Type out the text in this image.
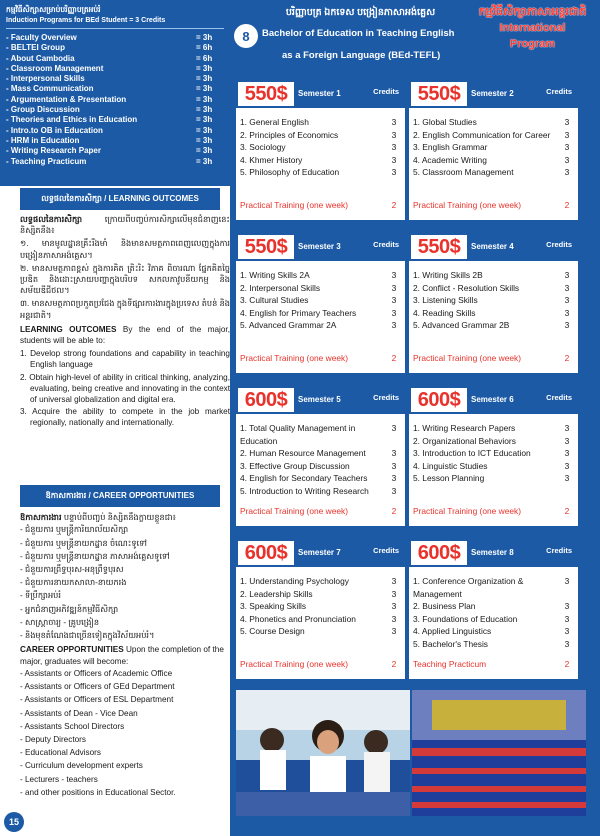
កម្មវិធីសិក្សាសម្រាប់បរិញ្ញាបត្រអប់រំ
Induction Programs for BEd Student = 3 Credits
- Faculty Overview	= 3h
- BELTEI Group	= 6h
- About Cambodia	= 6h
- Classroom Management	= 3h
- Interpersonal Skills	= 3h
- Mass Communication	= 3h
- Argumentation & Presentation	= 3h
- Group Discussion	= 3h
- Theories and Ethics in Education	= 3h
- Intro.to OB in Education	= 3h
- HRM in Education	= 3h
- Writing Research Paper	= 3h
- Teaching Practicum	= 3h
លទ្ធផលនៃការសិក្សា / LEARNING OUTCOMES

លទ្ធផលនៃការសិក្សា ក្រោយពីបញ្ចប់ការសិក្សាលើមុខជំនាញនេះនិស្សិតនឹង៖

១. មានមូលដ្ឋានគ្រឹះរឹងមាំ និងមានសមត្ថភាពពេញលេញក្នុងការបង្រៀនភាសាអង់គ្លេស។

២. មានសមត្ថភាពខ្ពស់ ក្នុងការគិត ត្រិះរិះ វិភាគ ពិចារណា ផ្នែកគិតច្នៃប្រឌិត និងដោះស្រាយបញ្ហាក្នុងបរិបទ សកលភាវូបនីយកម្ម និងសម័យឌីជីថល។

៣. មានសមត្ថភាពប្រកួតប្រជែង ក្នុងទីផ្សារការងារក្នុងប្រទេស តំបន់ និងអន្តរជាតិ។

LEARNING OUTCOMES By the end of the major, students will be able to:

1. Develop strong foundations and capability in teaching English language
2. Obtain high-level of ability in critical thinking, analyzing, evaluating, being creative and innovating in the context of universal globalization and digital era.
3. Acquire the ability to compete in the job market regionally, nationally and internationally.
ឱកាសការងារ / CAREER OPPORTUNITIES

ឱកាសការងារ បន្ទាប់ពីបញ្ចប់ និស្សិតនឹងក្លាយខ្លួនជា៖

- ជំនួយការ ឬមន្ត្រីការិយាល័យសិក្សា
- ជំនួយការ ឬមន្ត្រីនាយកដ្ឋាន ចំណេះទូទៅ
- ជំនួយការ ឬមន្ត្រីនាយកដ្ឋាន ភាសាអង់គ្លេសទូទៅ
- ជំនួយការព្រឹទ្ធបុរស-អនុព្រឹទ្ធបុរស
- ជំនួយការនាយកសាលា-នាយករង
- ទីប្រឹក្សាអប់រំ
- អ្នកជំនាញអភិវឌ្ឍន៍កម្មវិធីសិក្សា
- សាស្ត្រាចារ្យ - គ្រូបង្រៀន
- និងមុខតំណែងជាច្រើនទៀតក្នុងវិស័យអប់រំ។

CAREER OPPORTUNITIES Upon the completion of the major, graduates will become:

- Assistants or Officers of Academic Office
- Assistants or Officers of GEd Department
- Assistants or Officers of ESL Department
- Assistants of Dean - Vice Dean
- Assistants School Directors
- Deputy Directors
- Educational Advisors
- Curriculum development experts
- Lecturers - teachers
- and other positions in Educational Sector.
15
8
បរិញ្ញាបត្រ ឯកទេស បង្រៀនភាសាអង់គ្លេស
Bachelor of Education in Teaching English
as a Foreign Language (BEd-TEFL)
កម្មវិធីសិក្សាភាសាអន្តរជាតិ
International
Program
550$	Semester 1	Credits
1. General English	3
2. Principles of Economics	3
3. Sociology	3
4. Khmer History	3
5. Philosophy of Education	3
Practical Training (one week)	2
550$	Semester 2	Credits
1. Global Studies	3
2. English Communication for Career	3
3. English Grammar	3
4. Academic Writing	3
5. Classroom Management	3
Practical Training (one week)	2
550$	Semester 3	Credits
1. Writing Skills 2A	3
2. Interpersonal Skills	3
3. Cultural Studies	3
4. English for Primary Teachers	3
5. Advanced Grammar 2A	3
Practical Training (one week)	2
550$	Semester 4	Credits
1. Writing Skills 2B	3
2. Conflict - Resolution Skills	3
3. Listening Skills	3
4. Reading Skills	3
5. Advanced Grammar 2B	3
Practical Training (one week)	2
600$	Semester 5	Credits
1. Total Quality Management in Education
3
2. Human Resource Management	3
3. Effective Group Discussion	3
4. English for Secondary Teachers	3
5. Introduction to Writing Research	3
Practical Training (one week)	2
600$	Semester 6	Credits
1. Writing Research Papers	3
2. Organizational Behaviors	3
3. Introduction to ICT Education	3
4. Linguistic Studies	3
5. Lesson Planning	3
Practical Training (one week)	2
600$	Semester 7	Credits
1. Understanding Psychology	3
2. Leadership Skills	3
3. Speaking Skills	3
4. Phonetics and Pronunciation	3
5. Course Design	3
Practical Training (one week)	2
600$	Semester 8	Credits
1. Conference Organization & Management
3
2. Business Plan	3
3. Foundations of Education	3
4. Applied Linguistics	3
5. Bachelor's Thesis	3
Teaching Practicum	2
